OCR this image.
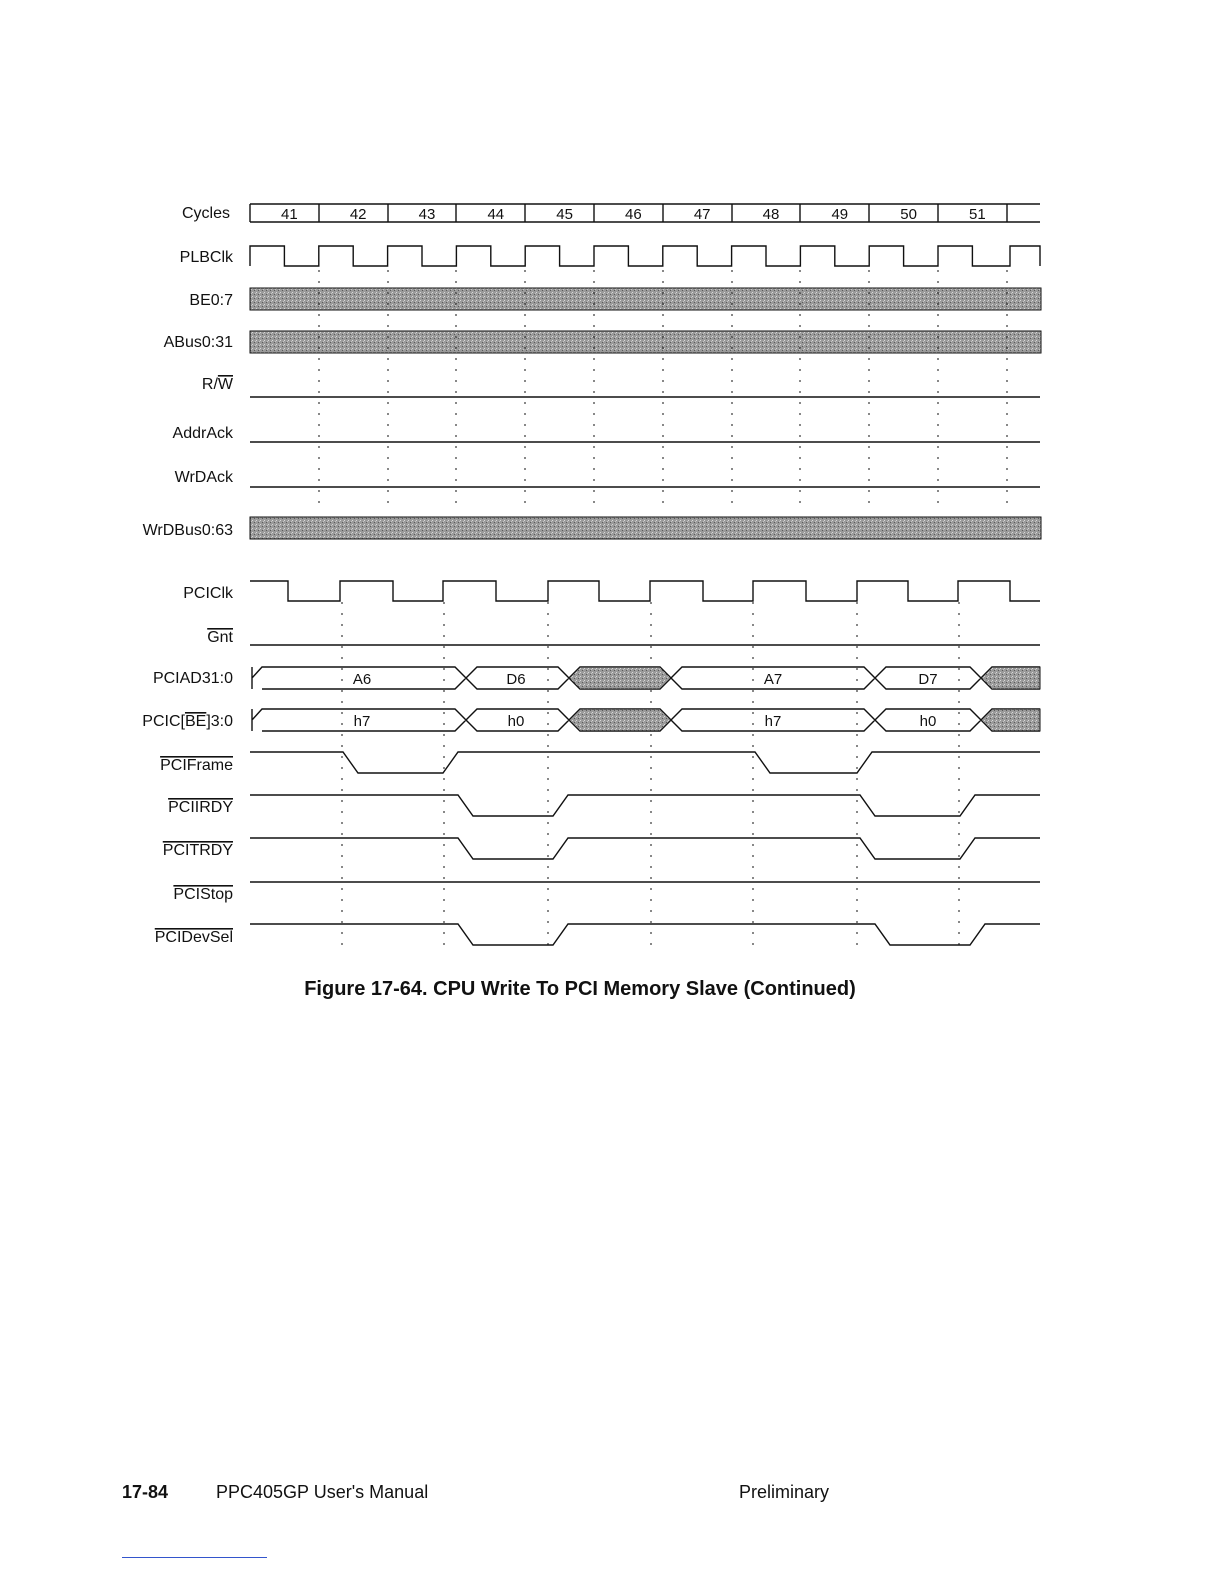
Cycles
PLBClk
BE0:7
ABus0:31
R/W
AddrAck
WrDAck
WrDBus0:63
PCIClk
Gnt
PCIAD31:0
PCIC[BE]3:0
PCIFrame
PCIIRDY
PCITRDY
PCIStop
PCIDevSel
41	42	43	44	45	46	47	48	49	50	51
A6	D6	A7	D7
h7	h0	h7	h0
Figure 17-64. CPU Write To PCI Memory Slave (Continued)
17-84	PPC405GP User's Manual	Preliminary
